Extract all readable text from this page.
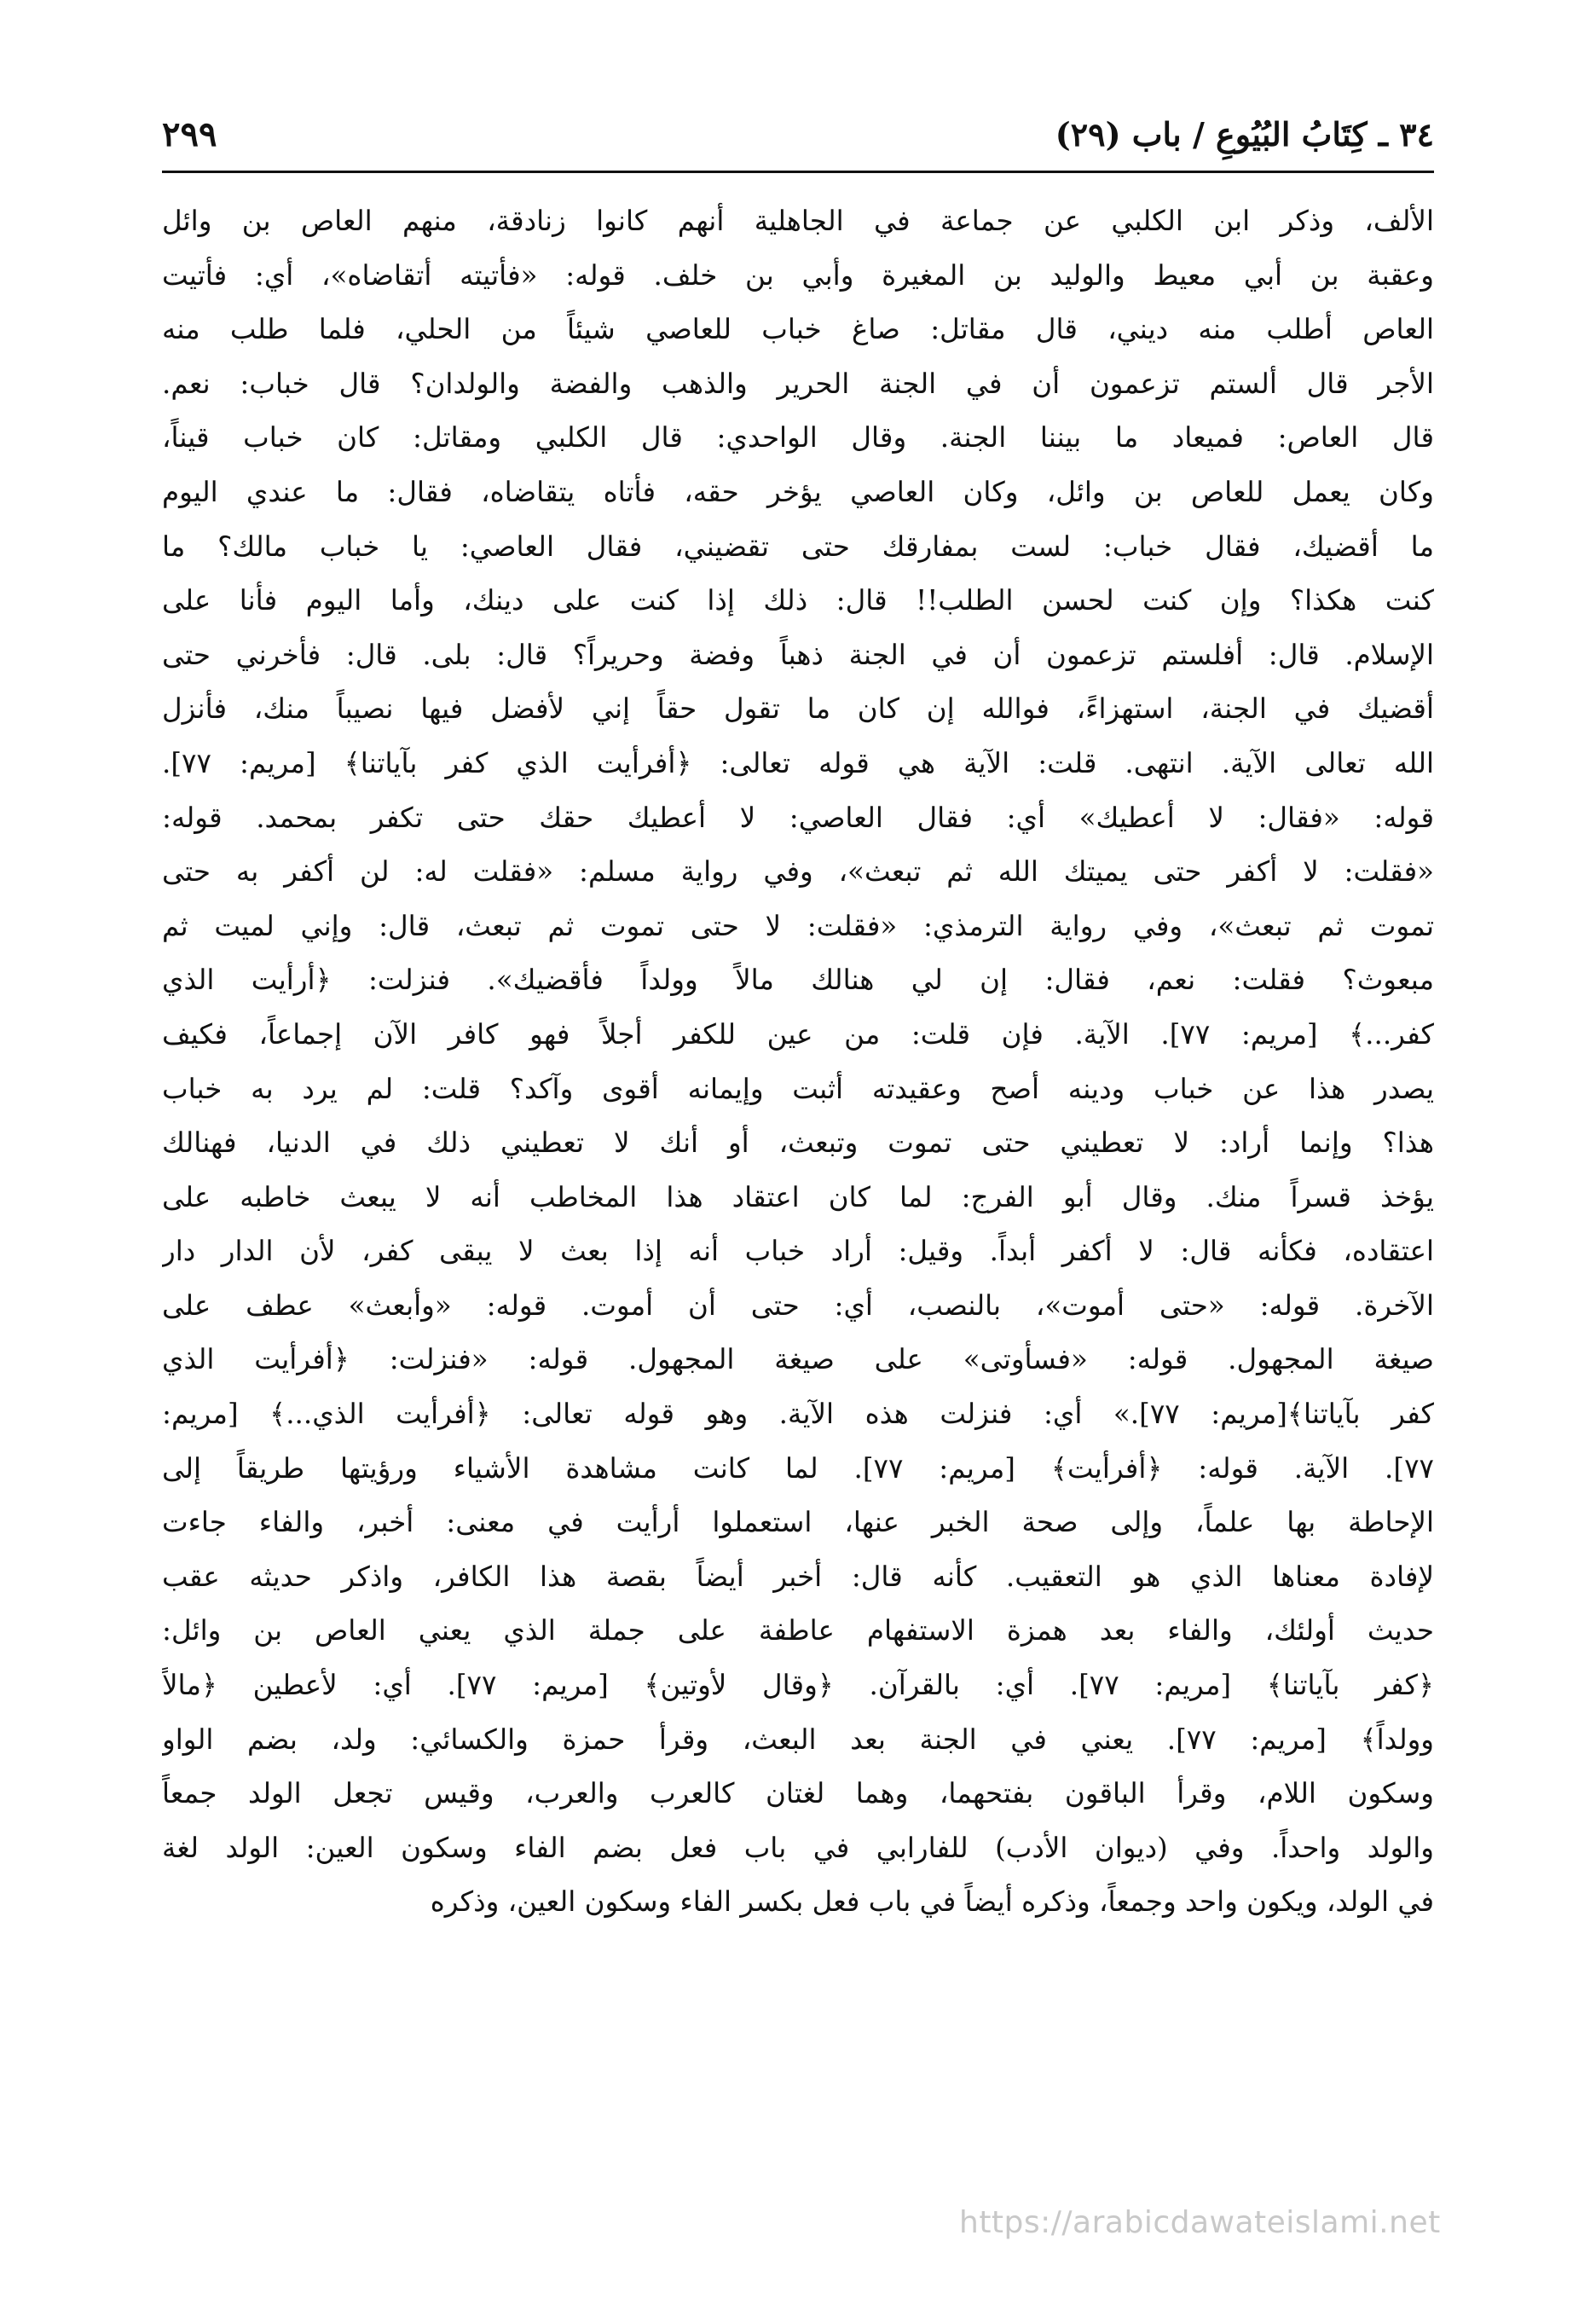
٣٤ ـ كِتَابُ البُيُوعِ / باب (٢٩)
٢٩٩
الألف، وذكر ابن الكلبي عن جماعة في الجاهلية أنهم كانوا زنادقة، منهم العاص بن وائل
وعقبة بن أبي معيط والوليد بن المغيرة وأبي بن خلف. قوله: «فأتيته أتقاضاه»، أي: فأتيت
العاص أطلب منه ديني، قال مقاتل: صاغ خباب للعاصي شيئاً من الحلي، فلما طلب منه
الأجر قال ألستم تزعمون أن في الجنة الحرير والذهب والفضة والولدان؟ قال خباب: نعم.
قال العاص: فميعاد ما بيننا الجنة. وقال الواحدي: قال الكلبي ومقاتل: كان خباب قيناً،
وكان يعمل للعاص بن وائل، وكان العاصي يؤخر حقه، فأتاه يتقاضاه، فقال: ما عندي اليوم
ما أقضيك، فقال خباب: لست بمفارقك حتى تقضيني، فقال العاصي: يا خباب مالك؟ ما
كنت هكذا؟ وإن كنت لحسن الطلب!! قال: ذلك إذا كنت على دينك، وأما اليوم فأنا على
الإسلام. قال: أفلستم تزعمون أن في الجنة ذهباً وفضة وحريراً؟ قال: بلى. قال: فأخرني حتى
أقضيك في الجنة، استهزاءً، فوالله إن كان ما تقول حقاً إني لأفضل فيها نصيباً منك، فأنزل
الله تعالى الآية. انتهى. قلت: الآية هي قوله تعالى: ﴿أفرأيت الذي كفر بآياتنا﴾ [مريم: ٧٧].
قوله: «فقال: لا أعطيك» أي: فقال العاصي: لا أعطيك حقك حتى تكفر بمحمد. قوله:
«فقلت: لا أكفر حتى يميتك الله ثم تبعث»، وفي رواية مسلم: «فقلت له: لن أكفر به حتى
تموت ثم تبعث»، وفي رواية الترمذي: «فقلت: لا حتى تموت ثم تبعث، قال: وإني لميت ثم
مبعوث؟ فقلت: نعم، فقال: إن لي هنالك مالاً وولداً فأقضيك». فنزلت: ﴿أرأيت الذي
كفر...﴾ [مريم: ٧٧]. الآية. فإن قلت: من عين للكفر أجلاً فهو كافر الآن إجماعاً، فكيف
يصدر هذا عن خباب ودينه أصح وعقيدته أثبت وإيمانه أقوى وآكد؟ قلت: لم يرد به خباب
هذا؟ وإنما أراد: لا تعطيني حتى تموت وتبعث، أو أنك لا تعطيني ذلك في الدنيا، فهنالك
يؤخذ قسراً منك. وقال أبو الفرج: لما كان اعتقاد هذا المخاطب أنه لا يبعث خاطبه على
اعتقاده، فكأنه قال: لا أكفر أبداً. وقيل: أراد خباب أنه إذا بعث لا يبقى كفر، لأن الدار دار
الآخرة. قوله: «حتى أموت»، بالنصب، أي: حتى أن أموت. قوله: «وأبعث» عطف على
صيغة المجهول. قوله: «فسأوتى» على صيغة المجهول. قوله: «فنزلت: ﴿أفرأيت الذي
كفر بآياتنا﴾[مريم: ٧٧].» أي: فنزلت هذه الآية. وهو قوله تعالى: ﴿أفرأيت الذي...﴾ [مريم:
٧٧]. الآية. قوله: ﴿أفرأيت﴾ [مريم: ٧٧]. لما كانت مشاهدة الأشياء ورؤيتها طريقاً إلى
الإحاطة بها علماً، وإلى صحة الخبر عنها، استعملوا أرأيت في معنى: أخبر، والفاء جاءت
لإفادة معناها الذي هو التعقيب. كأنه قال: أخبر أيضاً بقصة هذا الكافر، واذكر حديثه عقب
حديث أولئك، والفاء بعد همزة الاستفهام عاطفة على جملة الذي يعني العاص بن وائل:
﴿كفر بآياتنا﴾ [مريم: ٧٧]. أي: بالقرآن. ﴿وقال لأوتين﴾ [مريم: ٧٧]. أي: لأعطين ﴿مالاً
وولداً﴾ [مريم: ٧٧]. يعني في الجنة بعد البعث، وقرأ حمزة والكسائي: ولد، بضم الواو
وسكون اللام، وقرأ الباقون بفتحهما، وهما لغتان كالعرب والعرب، وقيس تجعل الولد جمعاً
والولد واحداً. وفي (ديوان الأدب) للفارابي في باب فعل بضم الفاء وسكون العين: الولد لغة
في الولد، ويكون واحد وجمعاً، وذكره أيضاً في باب فعل بكسر الفاء وسكون العين، وذكره
https://arabicdawateislami.net
